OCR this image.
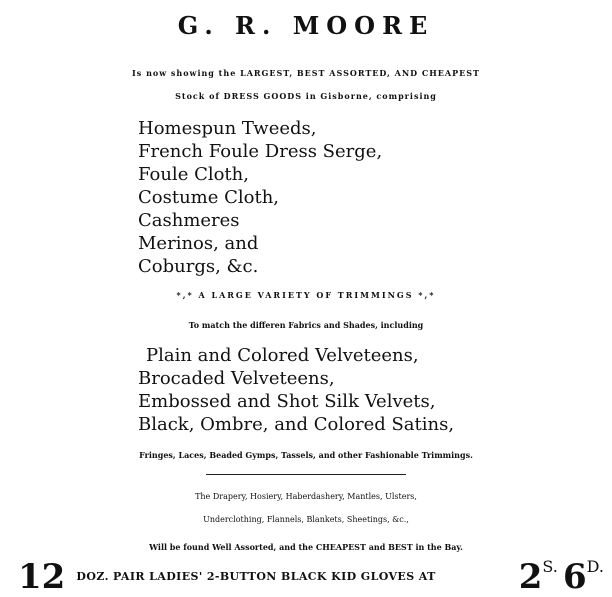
G. R. MOORE
Is now showing the LARGEST, BEST ASSORTED, AND CHEAPEST
Stock of DRESS GOODS in Gisborne, comprising
Homespun Tweeds,
French Foule Dress Serge,
Foule Cloth,
Costume Cloth,
Cashmeres
Merinos, and
Coburgs, &c.
*,* A LARGE VARIETY OF TRIMMINGS *,*
To match the differen Fabrics and Shades, including
Plain and Colored Velveteens,
Brocaded Velveteens,
Embossed and Shot Silk Velvets,
Black, Ombre, and Colored Satins,
Fringes, Laces, Beaded Gymps, Tassels, and other Fashionable Trimmings.
The Drapery, Hosiery, Haberdashery, Mantles, Ulsters,
Underclothing, Flannels, Blankets, Sheetings, &c.,
Will be found Well Assorted, and the CHEAPEST and BEST in the Bay.
12 $^{DOZ. PAIR LADIES' 2-BUTTON BLACK KID GLOVES AT}$ $2^{S.}$ $6^{D.}$
